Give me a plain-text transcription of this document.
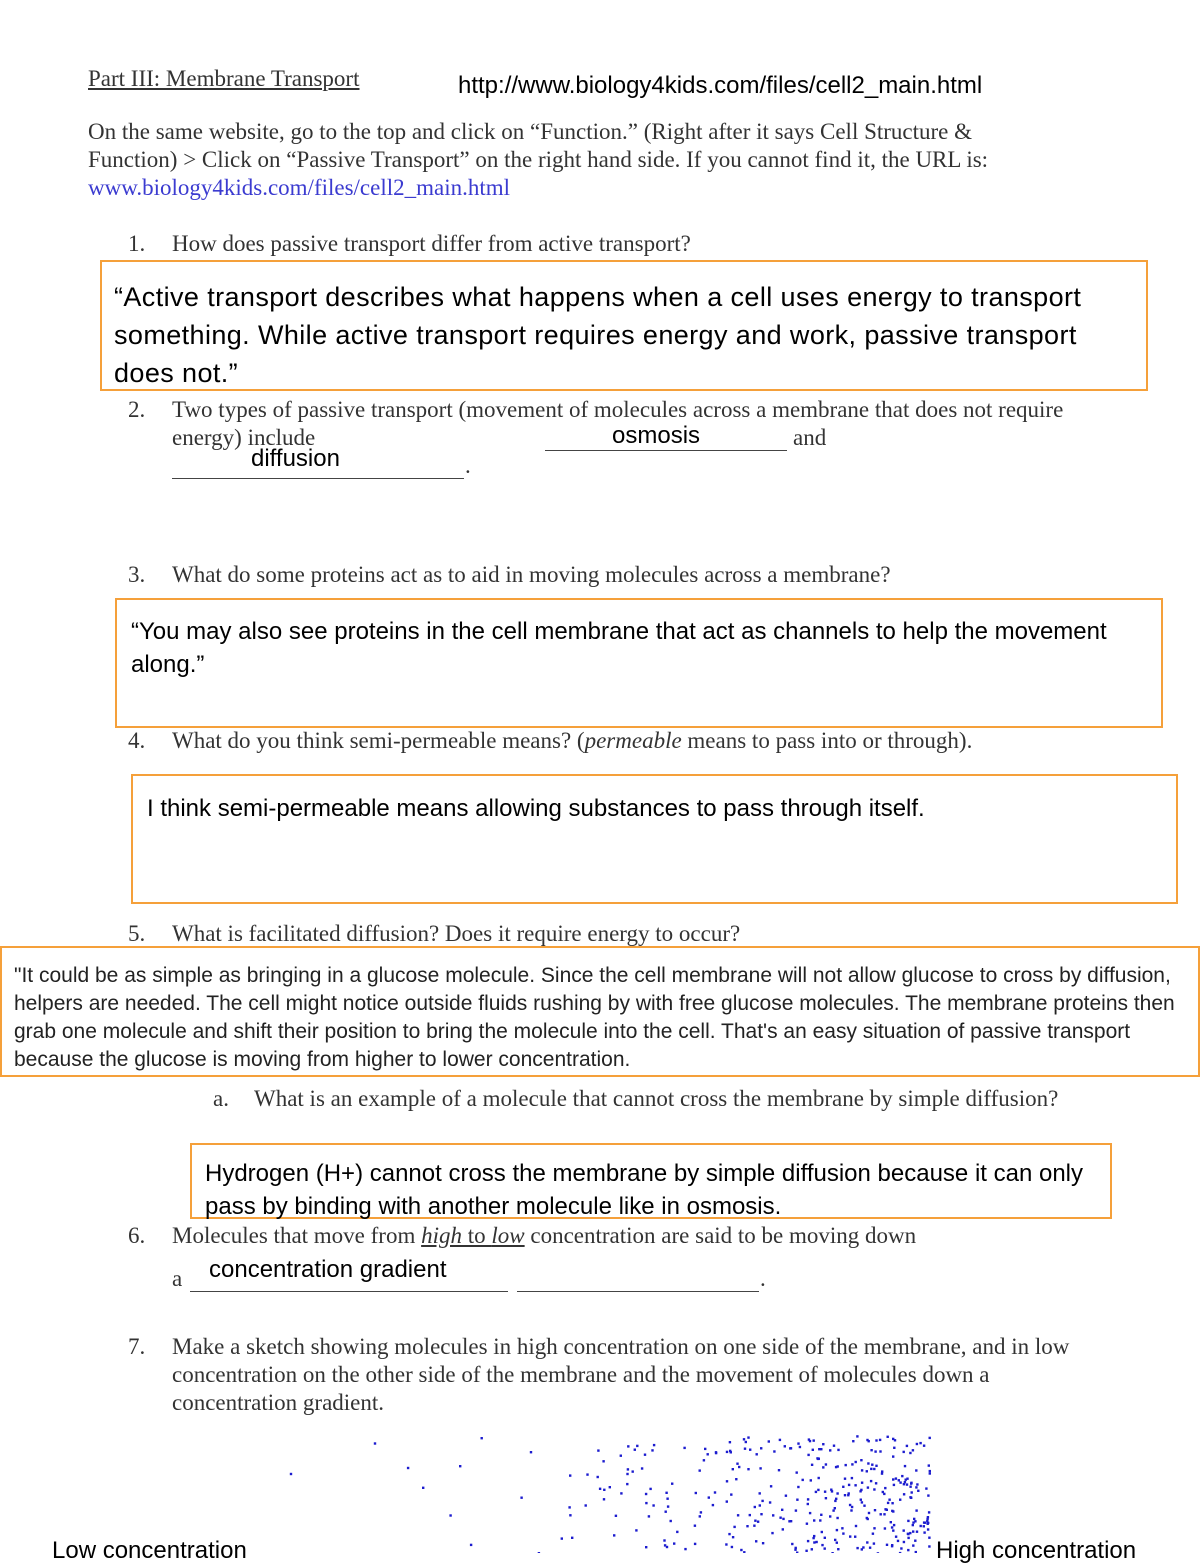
Part III: Membrane Transport	http://www.biology4kids.com/files/cell2_main.html
On the same website, go to the top and click on “Function.” (Right after it says Cell Structure & Function) > Click on “Passive Transport” on the right hand side. If you cannot find it, the URL is: www.biology4kids.com/files/cell2_main.html
1. How does passive transport differ from active transport?
“Active transport describes what happens when a cell uses energy to transport something. While active transport requires energy and work, passive transport does not.”
2. Two types of passive transport (movement of molecules across a membrane that does not require energy) include	and
.
osmosis
diffusion
3. What do some proteins act as to aid in moving molecules across a membrane?
“You may also see proteins in the cell membrane that act as channels to help the movement along.”
4. What do you think semi-permeable means? (permeable means to pass into or through).
I think semi-permeable means allowing substances to pass through itself.
5. What is facilitated diffusion? Does it require energy to occur?
"It could be as simple as bringing in a glucose molecule. Since the cell membrane will not allow glucose to cross by diffusion, helpers are needed. The cell might notice outside fluids rushing by with free glucose molecules. The membrane proteins then grab one molecule and shift their position to bring the molecule into the cell. That's an easy situation of passive transport because the glucose is moving from higher to lower concentration.
a. What is an example of a molecule that cannot cross the membrane by simple diffusion?
Hydrogen (H+) cannot cross the membrane by simple diffusion because it can only pass by binding with another molecule like in osmosis.
6. Molecules that move from high to low concentration are said to be moving down
a	.
concentration gradient
7. Make a sketch showing molecules in high concentration on one side of the membrane, and in low concentration on the other side of the membrane and the movement of molecules down a concentration gradient.
Low concentration	High concentration
